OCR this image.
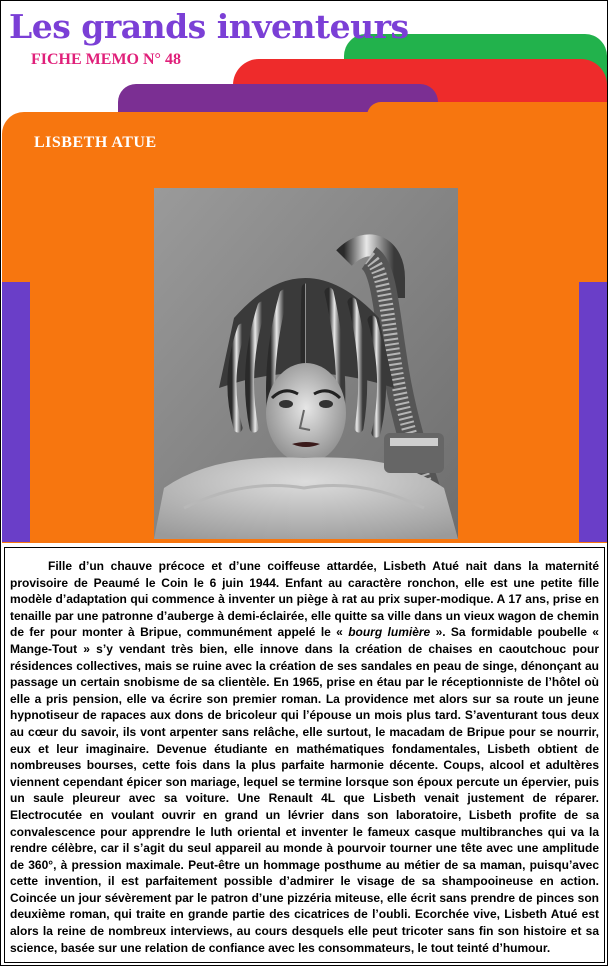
Les grands inventeurs
FICHE MEMO N° 48
LISBETH ATUE

Fille d’un chauve précoce et d’une coiffeuse attardée, Lisbeth Atué nait dans la maternité provisoire de Peaumé le Coin le 6 juin 1944. Enfant au caractère ronchon, elle est une petite fille modèle d’adaptation qui commence à inventer un piège à rat au prix super-modique. A 17 ans, prise en tenaille par une patronne d’auberge à demi-éclairée, elle quitte sa ville dans un vieux wagon de chemin de fer pour monter à Bripue, communément appelé le « bourg lumière ». Sa formidable poubelle « Mange-Tout » s’y vendant très bien, elle innove dans la création de chaises en caoutchouc pour résidences collectives, mais se ruine avec la création de ses sandales en peau de singe, dénonçant au passage un certain snobisme de sa clientèle. En 1965, prise en étau par le réceptionniste de l’hôtel où elle a pris pension, elle va écrire son premier roman. La providence met alors sur sa route un jeune hypnotiseur de rapaces aux dons de bricoleur qui l’épouse un mois plus tard. S’aventurant tous deux au cœur du savoir, ils vont arpenter sans relâche, elle surtout, le macadam de Bripue pour se nourrir, eux et leur imaginaire. Devenue étudiante en mathématiques fondamentales, Lisbeth obtient de nombreuses bourses, cette fois dans la plus parfaite harmonie décente. Coups, alcool et adultères viennent cependant épicer son mariage, lequel se termine lorsque son époux percute un épervier, puis un saule pleureur avec sa voiture. Une Renault 4L que Lisbeth venait justement de réparer. Electrocutée en voulant ouvrir en grand un lévrier dans son laboratoire, Lisbeth profite de sa convalescence pour apprendre le luth oriental et inventer le fameux casque multibranches qui va la rendre célèbre, car il s’agit du seul appareil au monde à pourvoir tourner une tête avec une amplitude de 360°, à pression maximale. Peut-être un hommage posthume au métier de sa maman, puisqu’avec cette invention, il est parfaitement possible d’admirer le visage de sa shampooineuse en action. Coincée un jour sévèrement par le patron d’une pizzéria miteuse, elle écrit sans prendre de pinces son deuxième roman, qui traite en grande partie des cicatrices de l’oubli. Ecorchée vive, Lisbeth Atué est alors la reine de nombreux interviews, au cours desquels elle peut tricoter sans fin son histoire et sa science, basée sur une relation de confiance avec les consommateurs, le tout teinté d’humour.
